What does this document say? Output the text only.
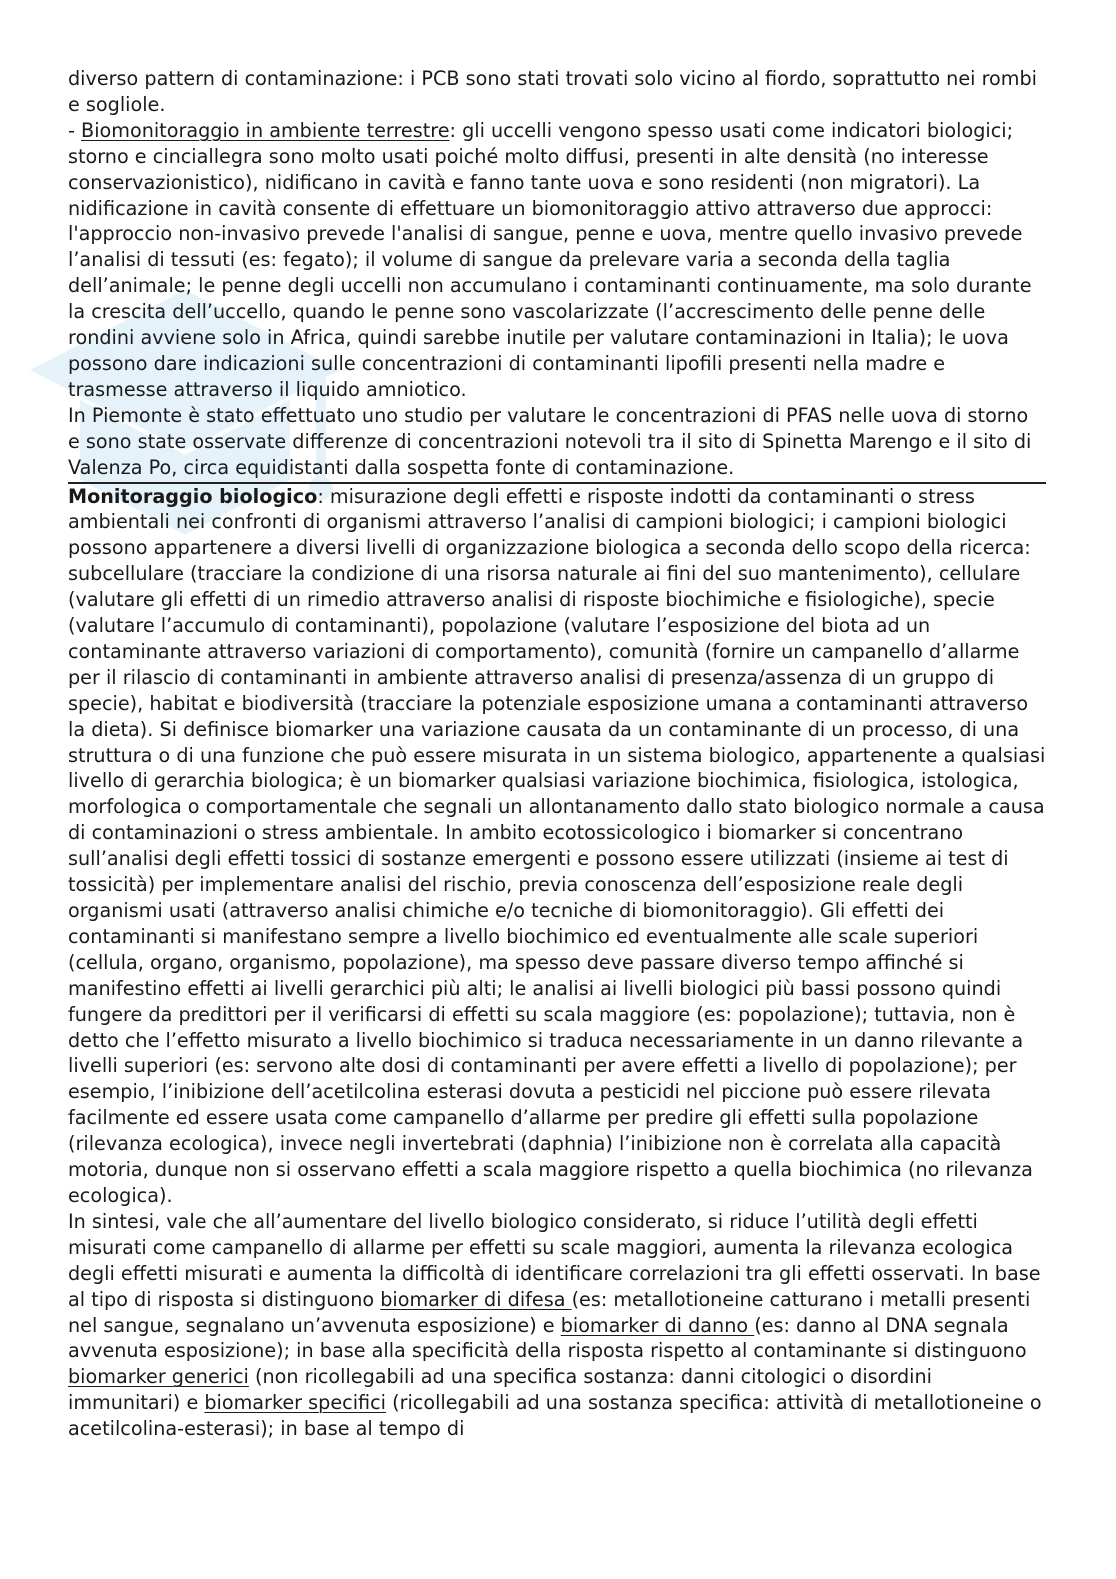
diverso pattern di contaminazione: i PCB sono stati trovati solo vicino al fiordo, soprattutto nei rombi e sogliole.

- Biomonitoraggio in ambiente terrestre: gli uccelli vengono spesso usati come indicatori biologici; storno e cinciallegra sono molto usati poiché molto diffusi, presenti in alte densità (no interesse conservazionistico), nidificano in cavità e fanno tante uova e sono residenti (non migratori). La nidificazione in cavità consente di effettuare un biomonitoraggio attivo attraverso due approcci: l'approccio non-invasivo prevede l'analisi di sangue, penne e uova, mentre quello invasivo prevede l’analisi di tessuti (es: fegato); il volume di sangue da prelevare varia a seconda della taglia dell’animale; le penne degli uccelli non accumulano i contaminanti continuamente, ma solo durante la crescita dell’uccello, quando le penne sono vascolarizzate (l’accrescimento delle penne delle rondini avviene solo in Africa, quindi sarebbe inutile per valutare contaminazioni in Italia); le uova possono dare indicazioni sulle concentrazioni di contaminanti lipofili presenti nella madre e trasmesse attraverso il liquido amniotico.

In Piemonte è stato effettuato uno studio per valutare le concentrazioni di PFAS nelle uova di storno e sono state osservate differenze di concentrazioni notevoli tra il sito di Spinetta Marengo e il sito di Valenza Po, circa equidistanti dalla sospetta fonte di contaminazione.

Monitoraggio biologico: misurazione degli effetti e risposte indotti da contaminanti o stress ambientali nei confronti di organismi attraverso l’analisi di campioni biologici; i campioni biologici possono appartenere a diversi livelli di organizzazione biologica a seconda dello scopo della ricerca: subcellulare (tracciare la condizione di una risorsa naturale ai fini del suo mantenimento), cellulare (valutare gli effetti di un rimedio attraverso analisi di risposte biochimiche e fisiologiche), specie (valutare l’accumulo di contaminanti), popolazione (valutare l’esposizione del biota ad un contaminante attraverso variazioni di comportamento), comunità (fornire un campanello d’allarme per il rilascio di contaminanti in ambiente attraverso analisi di presenza/assenza di un gruppo di specie), habitat e biodiversità (tracciare la potenziale esposizione umana a contaminanti attraverso la dieta). Si definisce biomarker una variazione causata da un contaminante di un processo, di una struttura o di una funzione che può essere misurata in un sistema biologico, appartenente a qualsiasi livello di gerarchia biologica; è un biomarker qualsiasi variazione biochimica, fisiologica, istologica, morfologica o comportamentale che segnali un allontanamento dallo stato biologico normale a causa di contaminazioni o stress ambientale. In ambito ecotossicologico i biomarker si concentrano sull’analisi degli effetti tossici di sostanze emergenti e possono essere utilizzati (insieme ai test di tossicità) per implementare analisi del rischio, previa conoscenza dell’esposizione reale degli organismi usati (attraverso analisi chimiche e/o tecniche di biomonitoraggio). Gli effetti dei contaminanti si manifestano sempre a livello biochimico ed eventualmente alle scale superiori (cellula, organo, organismo, popolazione), ma spesso deve passare diverso tempo affinché si manifestino effetti ai livelli gerarchici più alti; le analisi ai livelli biologici più bassi possono quindi fungere da predittori per il verificarsi di effetti su scala maggiore (es: popolazione); tuttavia, non è detto che l’effetto misurato a livello biochimico si traduca necessariamente in un danno rilevante a livelli superiori (es: servono alte dosi di contaminanti per avere effetti a livello di popolazione); per esempio, l’inibizione dell’acetilcolina esterasi dovuta a pesticidi nel piccione può essere rilevata facilmente ed essere usata come campanello d’allarme per predire gli effetti sulla popolazione (rilevanza ecologica), invece negli invertebrati (daphnia) l’inibizione non è correlata alla capacità motoria, dunque non si osservano effetti a scala maggiore rispetto a quella biochimica (no rilevanza ecologica).

In sintesi, vale che all’aumentare del livello biologico considerato, si riduce l’utilità degli effetti misurati come campanello di allarme per effetti su scale maggiori, aumenta la rilevanza ecologica degli effetti misurati e aumenta la difficoltà di identificare correlazioni tra gli effetti osservati. In base al tipo di risposta si distinguono biomarker di difesa (es: metallotioneine catturano i metalli presenti nel sangue, segnalano un’avvenuta esposizione) e biomarker di danno (es: danno al DNA segnala avvenuta esposizione); in base alla specificità della risposta rispetto al contaminante si distinguono biomarker generici (non ricollegabili ad una specifica sostanza: danni citologici o disordini immunitari) e biomarker specifici (ricollegabili ad una sostanza specifica: attività di metallotioneine o acetilcolina-esterasi); in base al tempo di
